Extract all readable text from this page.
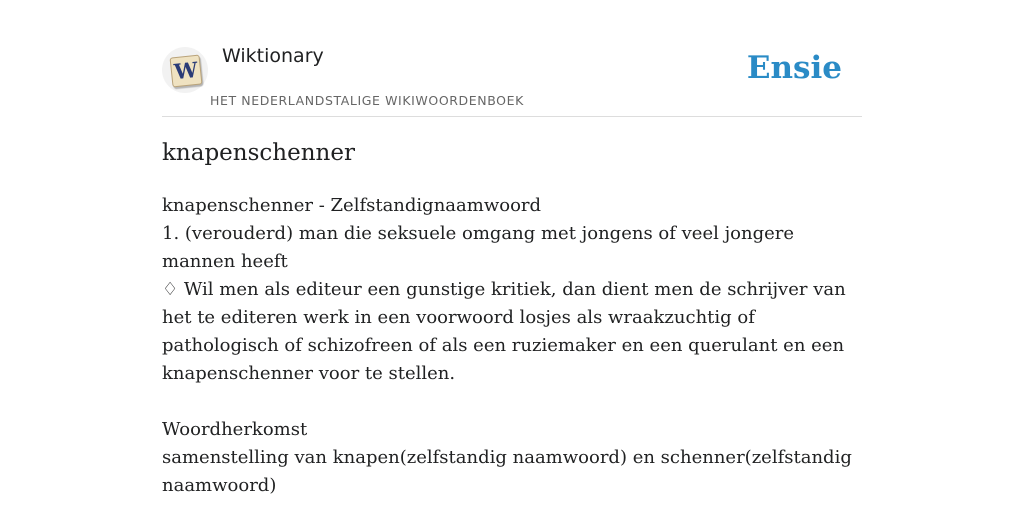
W
Wiktionary
HET NEDERLANDSTALIGE WIKIWOORDENBOEK
Ensie
knapenschenner

knapenschenner - Zelfstandignaamwoord

1. (verouderd) man die seksuele omgang met jongens of veel jongere mannen heeft

♢ Wil men als editeur een gunstige kritiek, dan dient men de schrijver van het te editeren werk in een voorwoord losjes als wraakzuchtig of pathologisch of schizofreen of als een ruziemaker en een querulant en een knapenschenner voor te stellen.

Woordherkomst

samenstelling van knapen(zelfstandig naamwoord) en schenner(zelfstandig naamwoord)
